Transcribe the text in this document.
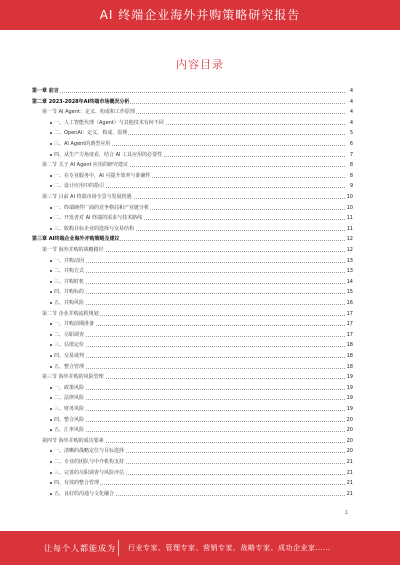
AI 终端企业海外并购策略研究报告
内容目录
第一章 前言	4
第二章 2023-2028年AI终端市场概况分析	4
第一节 AI Agent：定义、构成和工作原理	4
一、人工智能代理（Agent）与其他技术有何不同	4
二、OpenAI：定义、构成、原理	5
三、AI Agent的典型应用	6
四、从生产力角度看，结合 AI 工具应用的必要性	7
第二节 关于 AI Agent 应用的研究建议	8
一、在专业服务中，AI 可提升效率与准确性	8
二、设计应用中的指引	9
第三节 目前 AI 终端市场全景与发展机遇	10
一、终端硬件厂商的竞争格局和产业链分析	10
二、开发者对 AI 终端的需求与技术路线	11
三、收购目标企业的选择与交易结构	11
第三章 AI终端企业海外并购策略及建议	12
第一节 海外并购的战略路径	12
一、并购动因	13
二、并购方式	13
三、并购时机	14
四、并购标的	15
五、并购风险	16
第二节 企业并购流程规划	17
一、并购前期准备	17
二、尽职调查	17
三、估值定价	18
四、交易谈判	18
五、整合管理	18
第三节 海外并购的风险管理	19
一、政策风险	19
二、法律风险	19
三、财务风险	19
四、整合风险	20
五、汇率风险	20
第四节 海外并购的成功要素	20
一、清晰的战略定位与目标选择	20
二、专业的团队与中介机构支持	21
三、完善的尽职调查与风险评估	21
四、有效的整合管理	21
五、良好的沟通与文化融合	21
1
让每个人都能成为 行业专家、管理专家、营销专家、战略专家、成功企业家……
